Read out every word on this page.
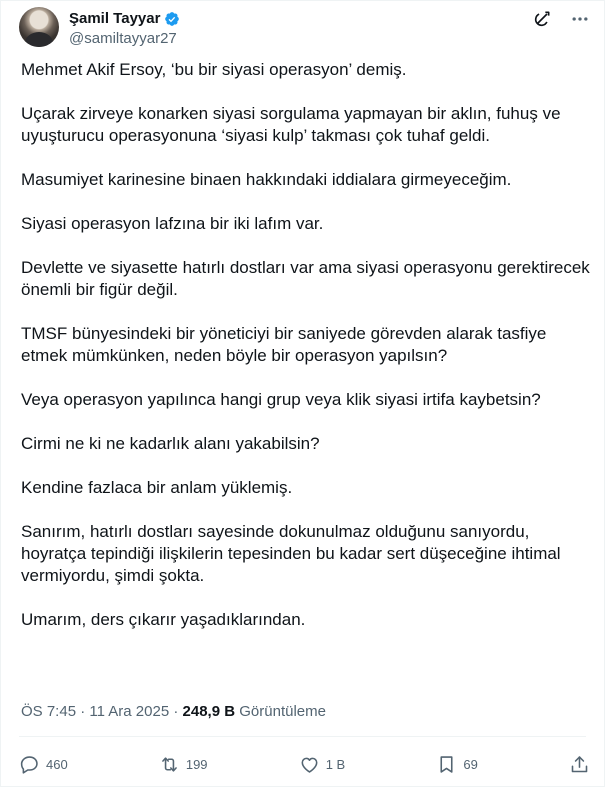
Şamil Tayyar
@samiltayyar27

Mehmet Akif Ersoy, ‘bu bir siyasi operasyon’ demiş.

Uçarak zirveye konarken siyasi sorgulama yapmayan bir aklın, fuhuş ve uyuşturucu operasyonuna ‘siyasi kulp’ takması çok tuhaf geldi.

Masumiyet karinesine binaen hakkındaki iddialara girmeyeceğim.

Siyasi operasyon lafzına bir iki lafım var.

Devlette ve siyasette hatırlı dostları var ama siyasi operasyonu gerektirecek önemli bir figür değil.

TMSF bünyesindeki bir yöneticiyi bir saniyede görevden alarak tasfiye etmek mümkünken, neden böyle bir operasyon yapılsın?

Veya operasyon yapılınca hangi grup veya klik siyasi irtifa kaybetsin?

Cirmi ne ki ne kadarlık alanı yakabilsin?

Kendine fazlaca bir anlam yüklemiş.

Sanırım, hatırlı dostları sayesinde dokunulmaz olduğunu sanıyordu, hoyratça tepindiği ilişkilerin tepesinden bu kadar sert düşeceğine ihtimal vermiyordu, şimdi şokta.

Umarım, ders çıkarır yaşadıklarından.

ÖS 7:45 · 11 Ara 2025 · 248,9 B Görüntüleme
460	199	1 B	69
